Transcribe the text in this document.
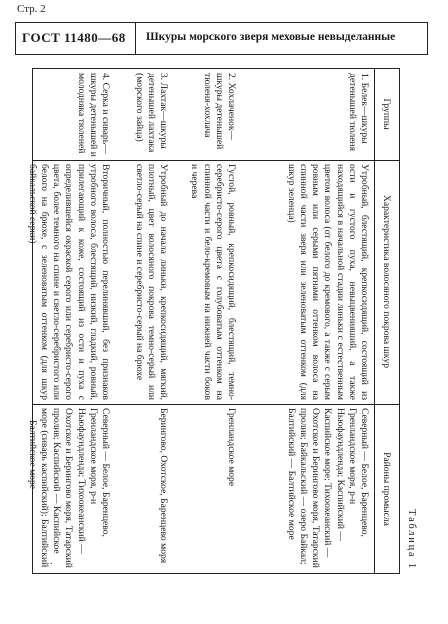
Стр. 2
ГОСТ 11480—68 Шкуры морского зверя меховые невыделанные
Таблица 1
Группы
Характеристика волосяного покрова шкур
Районы промысла
1. Белек—шкуры детенышей тюленя
Утробный, блестящий, крепкосидящий, состоящий из ости и густого пуха, невыцвенияший, а также находящийся в начальной стадии линьки с естественным цветом волоса (от белого до кремового, а также с серым ровным или серыми пятнами оттенком волоса на спинной части зверя или зеленоватым оттенком (для шкур зеленца)
Северный — Белое, Баренцево, Гренландское моря, р-н Ньюфаундленда; Каспийский — Каспийское море; Тихоокеанский — Охотское и Берингово моря, Татарский пролив; Байкальский — озеро Байкал; Балтийский — Балтийское море
2. Хохлаченок— шкуры детенышей тюленя-хохлача
Густой, ровный, крепкосидящий, блестящий, темно-серебристо-серого цвета с голубоватым оттенком на спинной части и бело-кремовым на нижней части боков и черева
Гренландское море
3. Лахтак—шкуры детенышей лахтака (морского зайца)
Утробный до начала линьки, крепкосидящий, мягкий, плотный, цвет волосяного покрова темно-серый или светло-серый на спине и серебристо-серый на брюхе
Берингово, Охотское, Баренцево моря
4. Серка и сиварь—шкуры детенышей и молодняка тюленей
Вторичный, полностью перелинявший, без признаков утробного волоса, блестящий, низкий, гладкий, ровный, прилегающий к коже, состоящий из ости и пуха с определившейся окраской серого или серебристо-серого цвета, более темного на спине и светло-серебристого или белого на брюхе, с зеленоватым оттенком (для шкур байкальской серки)
Северный — Белое, Баренцево, Гренландское моря, р-н Ньюфаундленда; Тихоокеанский — Охотское и Берингово моря, Татарский пролив; Каспийский — Каспийское море (сиварь каспийский); Балтийский — Балтийское море
.
